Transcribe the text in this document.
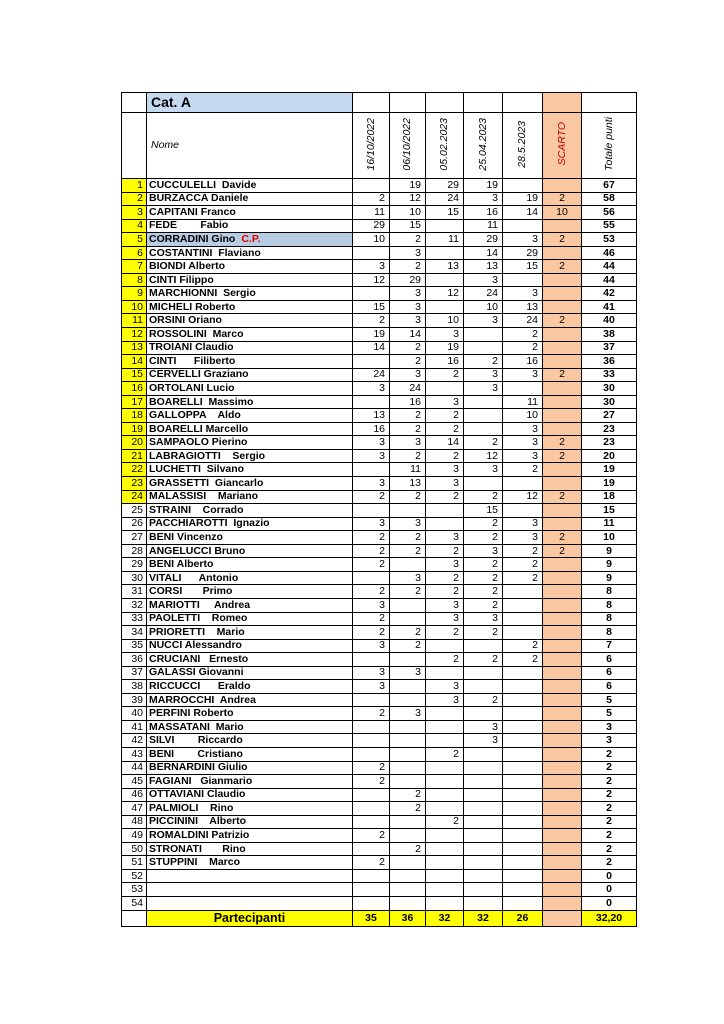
	Cat. A							
	Nome	16/10/2022	06/10/2022	05.02.2023	25.04.2023	28.5.2023	SCARTO	Totale punti
1	CUCCULELLI  Davide		19	29	19			67
2	BURZACCA Daniele	2	12	24	3	19	2	58
3	CAPITANI Franco	11	10	15	16	14	10	56
4	FEDE        Fabio	29	15		11			55
5	CORRADINI Gino C.P.	10	2	11	29	3	2	53
6	COSTANTINI  Flaviano		3		14	29		46
7	BIONDI Alberto	3	2	13	13	15	2	44
8	CINTI Filippo	12	29		3			44
9	MARCHIONNI  Sergio		3	12	24	3		42
10	MICHELI Roberto	15	3		10	13		41
11	ORSINI Oriano	2	3	10	3	24	2	40
12	ROSSOLINI  Marco	19	14	3		2		38
13	TROIANI Claudio	14	2	19		2		37
14	CINTI      Filiberto		2	16	2	16		36
15	CERVELLI Graziano	24	3	2	3	3	2	33
16	ORTOLANI Lucio	3	24		3			30
17	BOARELLI  Massimo		16	3		11		30
18	GALLOPPA    Aldo	13	2	2		10		27
19	BOARELLI Marcello	16	2	2		3		23
20	SAMPAOLO Pierino	3	3	14	2	3	2	23
21	LABRAGIOTTI    Sergio	3	2	2	12	3	2	20
22	LUCHETTI  Silvano		11	3	3	2		19
23	GRASSETTI  Giancarlo	3	13	3				19
24	MALASSISI    Mariano	2	2	2	2	12	2	18
25	STRAINI    Corrado				15			15
26	PACCHIAROTTI  Ignazio	3	3		2	3		11
27	BENI Vincenzo	2	2	3	2	3	2	10
28	ANGELUCCI Bruno	2	2	2	3	2	2	9
29	BENI Alberto	2		3	2	2		9
30	VITALI      Antonio		3	2	2	2		9
31	CORSI       Primo	2	2	2	2			8
32	MARIOTTI     Andrea	3		3	2			8
33	PAOLETTI    Romeo	2		3	3			8
34	PRIORETTI    Mario	2	2	2	2			8
35	NUCCI Alessandro	3	2			2		7
36	CRUCIANI   Ernesto			2	2	2		6
37	GALASSI Giovanni	3	3					6
38	RICCUCCI      Eraldo	3		3				6
39	MARROCCHI  Andrea			3	2			5
40	PERFINI Roberto	2	3					5
41	MASSATANI  Mario				3			3
42	SILVI        Riccardo				3			3
43	BENI        Cristiano			2				2
44	BERNARDINI Giulio	2						2
45	FAGIANI   Gianmario	2						2
46	OTTAVIANI Claudio		2					2
47	PALMIOLI    Rino		2					2
48	PICCININI    Alberto			2				2
49	ROMALDINI Patrizio	2						2
50	STRONATI       Rino		2					2
51	STUPPINI    Marco	2						2
52								0
53								0
54								0
	Partecipanti	35	36	32	32	26		32,20
